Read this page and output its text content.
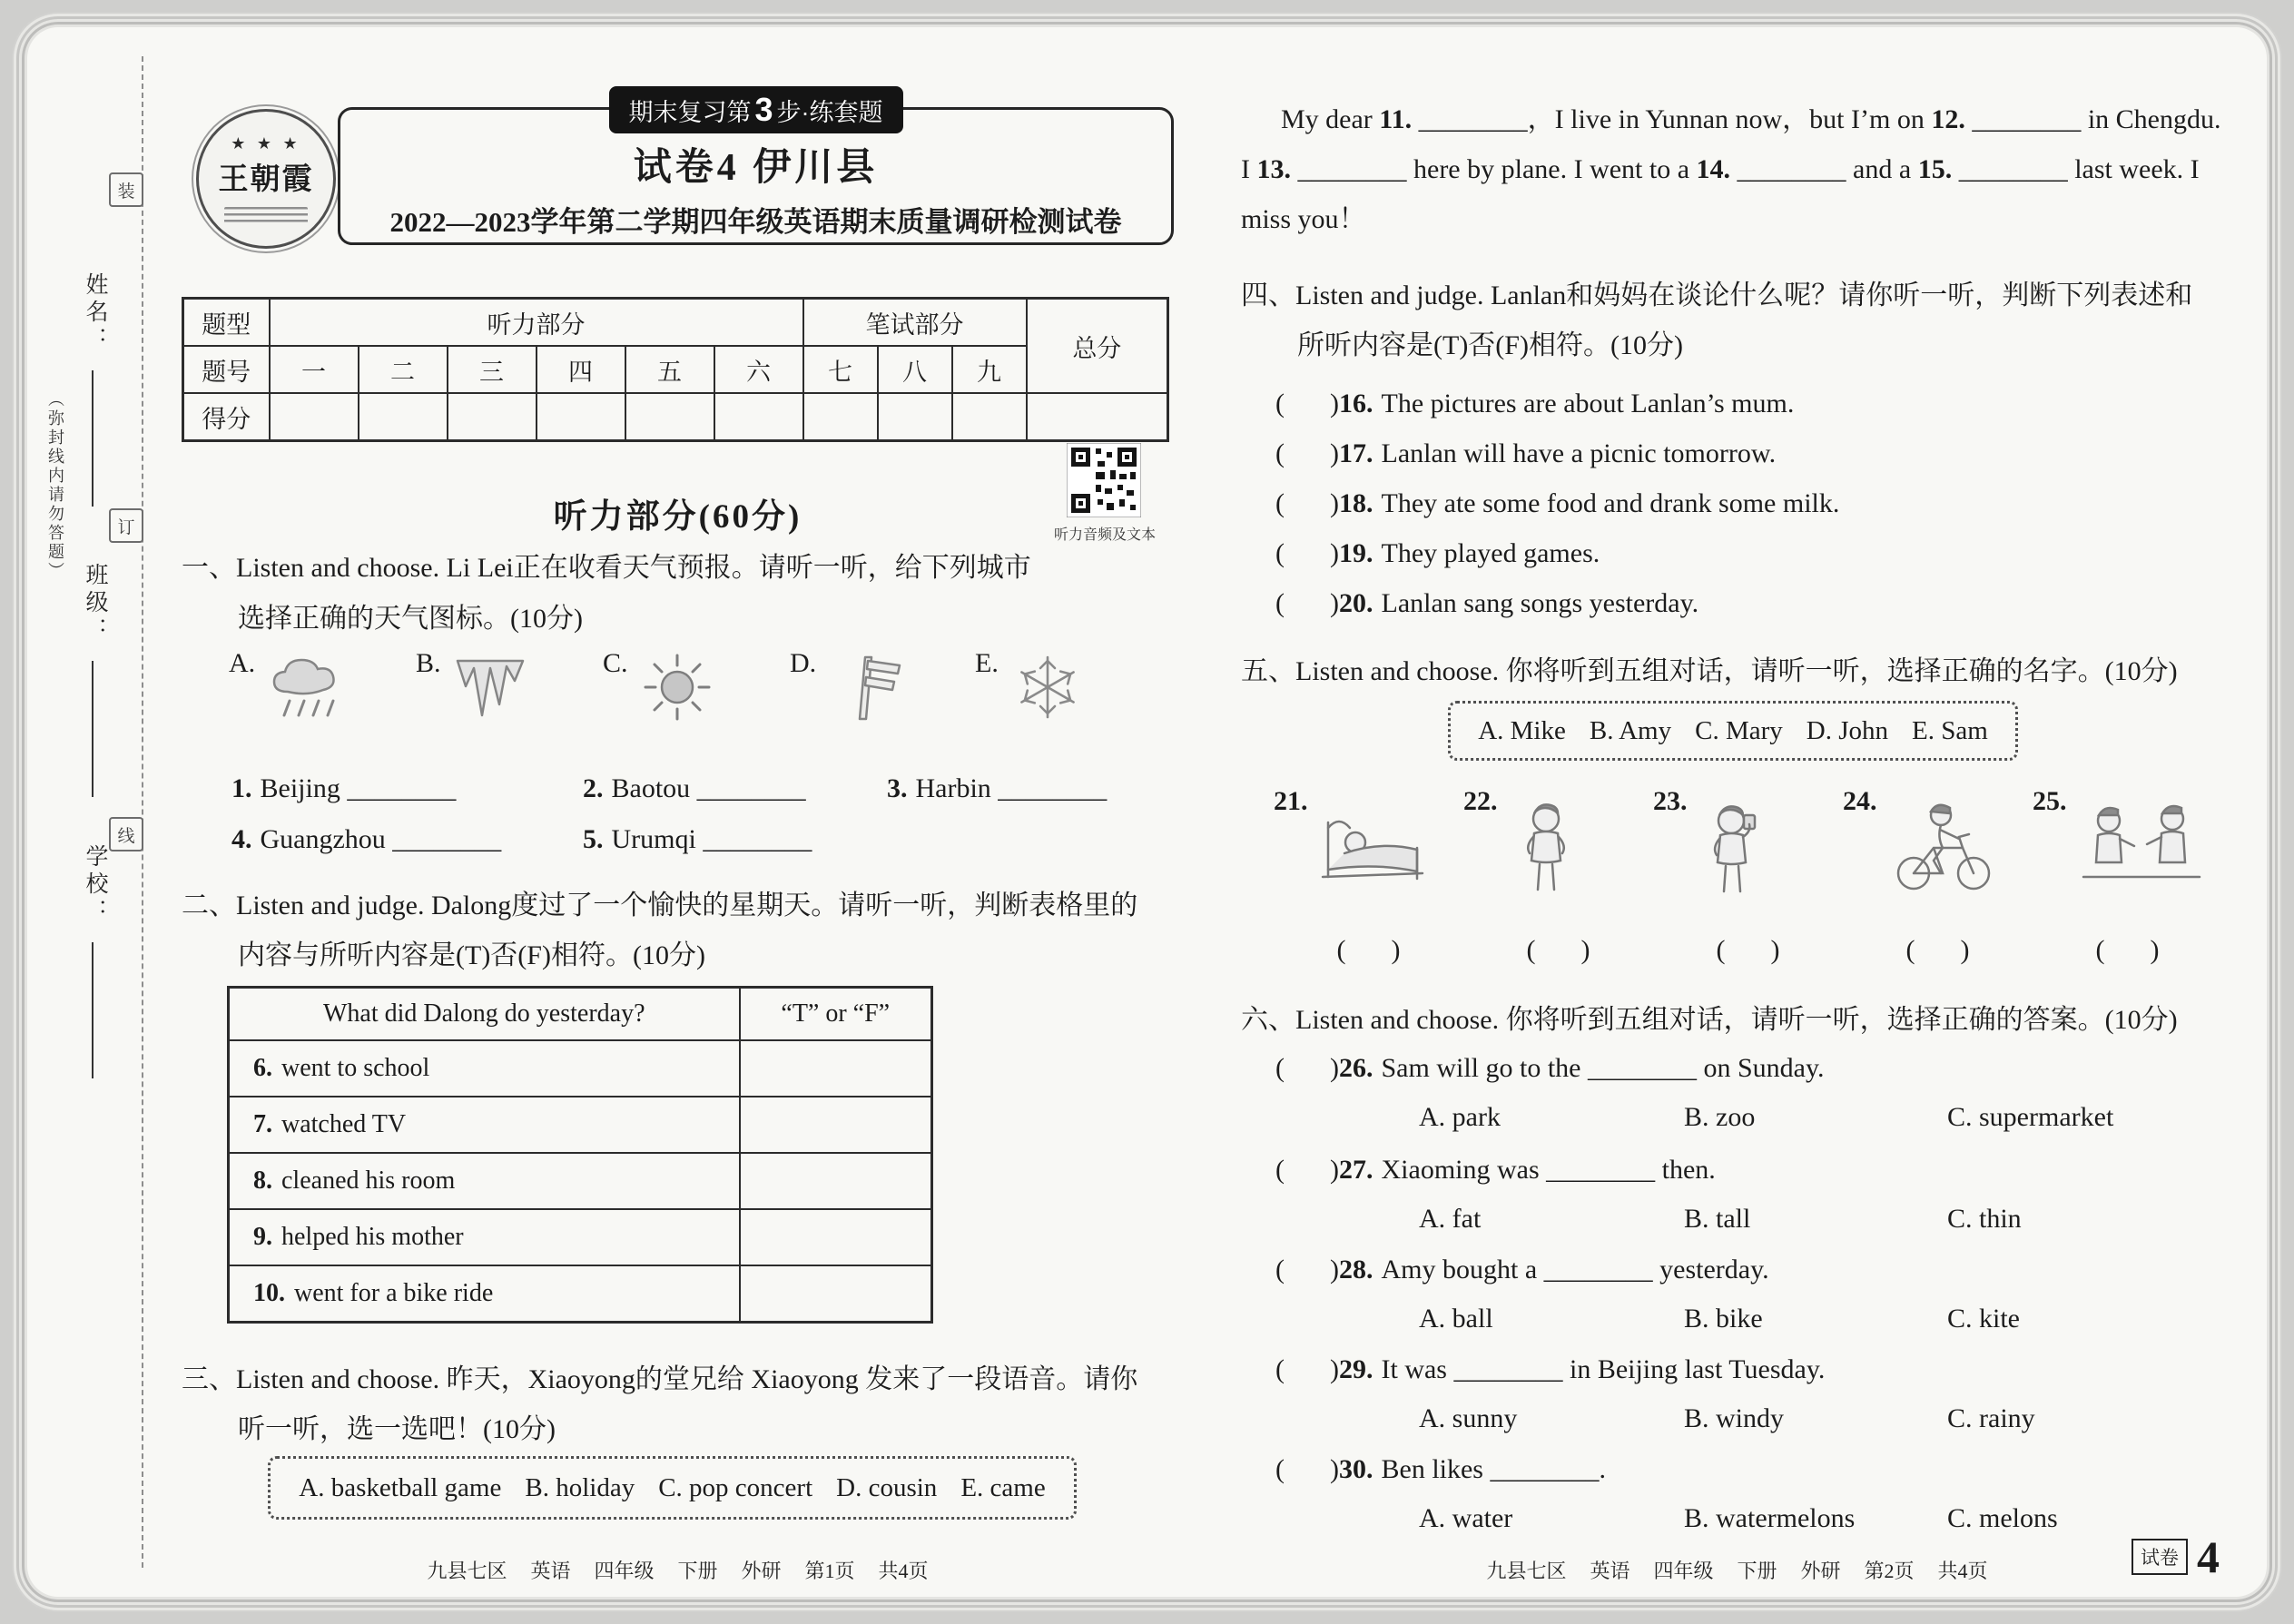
装
订
线
姓名：
班级：
学校：
（弥封线内请勿答题）
★ ★ ★
王朝霞
期末复习第 3 步·练套题
试卷4 伊川县
2022—2023学年第二学期四年级英语期末质量调研检测试卷
题型	听力部分						笔试部分			总分
题号	一	二	三	四	五	六	七	八	九	
得分										
听力部分(60分)	听力音频及文本
一、Listen and choose. Li Lei正在收看天气预报。请听一听，给下列城市
选择正确的天气图标。(10分)
A.	B.	C.	D.	E.
1. Beijing ________	2. Baotou ________	3. Harbin ________
4. Guangzhou ________	5. Urumqi ________
二、Listen and judge. Dalong度过了一个愉快的星期天。请听一听，判断表格里的
内容与所听内容是(T)否(F)相符。(10分)
What did Dalong do yesterday?	“T” or “F”
6. went to school	
7. watched TV	
8. cleaned his room	
9. helped his mother	
10. went for a bike ride	
三、Listen and choose. 昨天，Xiaoyong的堂兄给 Xiaoyong 发来了一段语音。请你
听一听，选一选吧！(10分)
A. basketball game B. holiday C. pop concert D. cousin E. came
九县七区 英语 四年级 下册 外研 第1页 共4页
My dear 11. ________，I live in Yunnan now，but I’m on 12. ________ in Chengdu. I 13. ________ here by plane. I went to a 14. ________ and a 15. ________ last week. I miss you！
四、Listen and judge. Lanlan和妈妈在谈论什么呢？请你听一听，判断下列表述和
所听内容是(T)否(F)相符。(10分)
( ) 16. The pictures are about Lanlan’s mum.
( ) 17. Lanlan will have a picnic tomorrow.
( ) 18. They ate some food and drank some milk.
( ) 19. They played games.
( ) 20. Lanlan sang songs yesterday.
五、Listen and choose. 你将听到五组对话，请听一听，选择正确的名字。(10分)
A. Mike B. Amy C. Mary D. John E. Sam
21.	22.	23.	24.	25.
( )	( )	( )	( )	( )
六、Listen and choose. 你将听到五组对话，请听一听，选择正确的答案。(10分)
( ) 26. Sam will go to the ________ on Sunday.
A. park	B. zoo	C. supermarket
( ) 27. Xiaoming was ________ then.
A. fat	B. tall	C. thin
( ) 28. Amy bought a ________ yesterday.
A. ball	B. bike	C. kite
( ) 29. It was ________ in Beijing last Tuesday.
A. sunny	B. windy	C. rainy
( ) 30. Ben likes ________.
A. water	B. watermelons	C. melons
九县七区 英语 四年级 下册 外研 第2页 共4页
试卷 4
